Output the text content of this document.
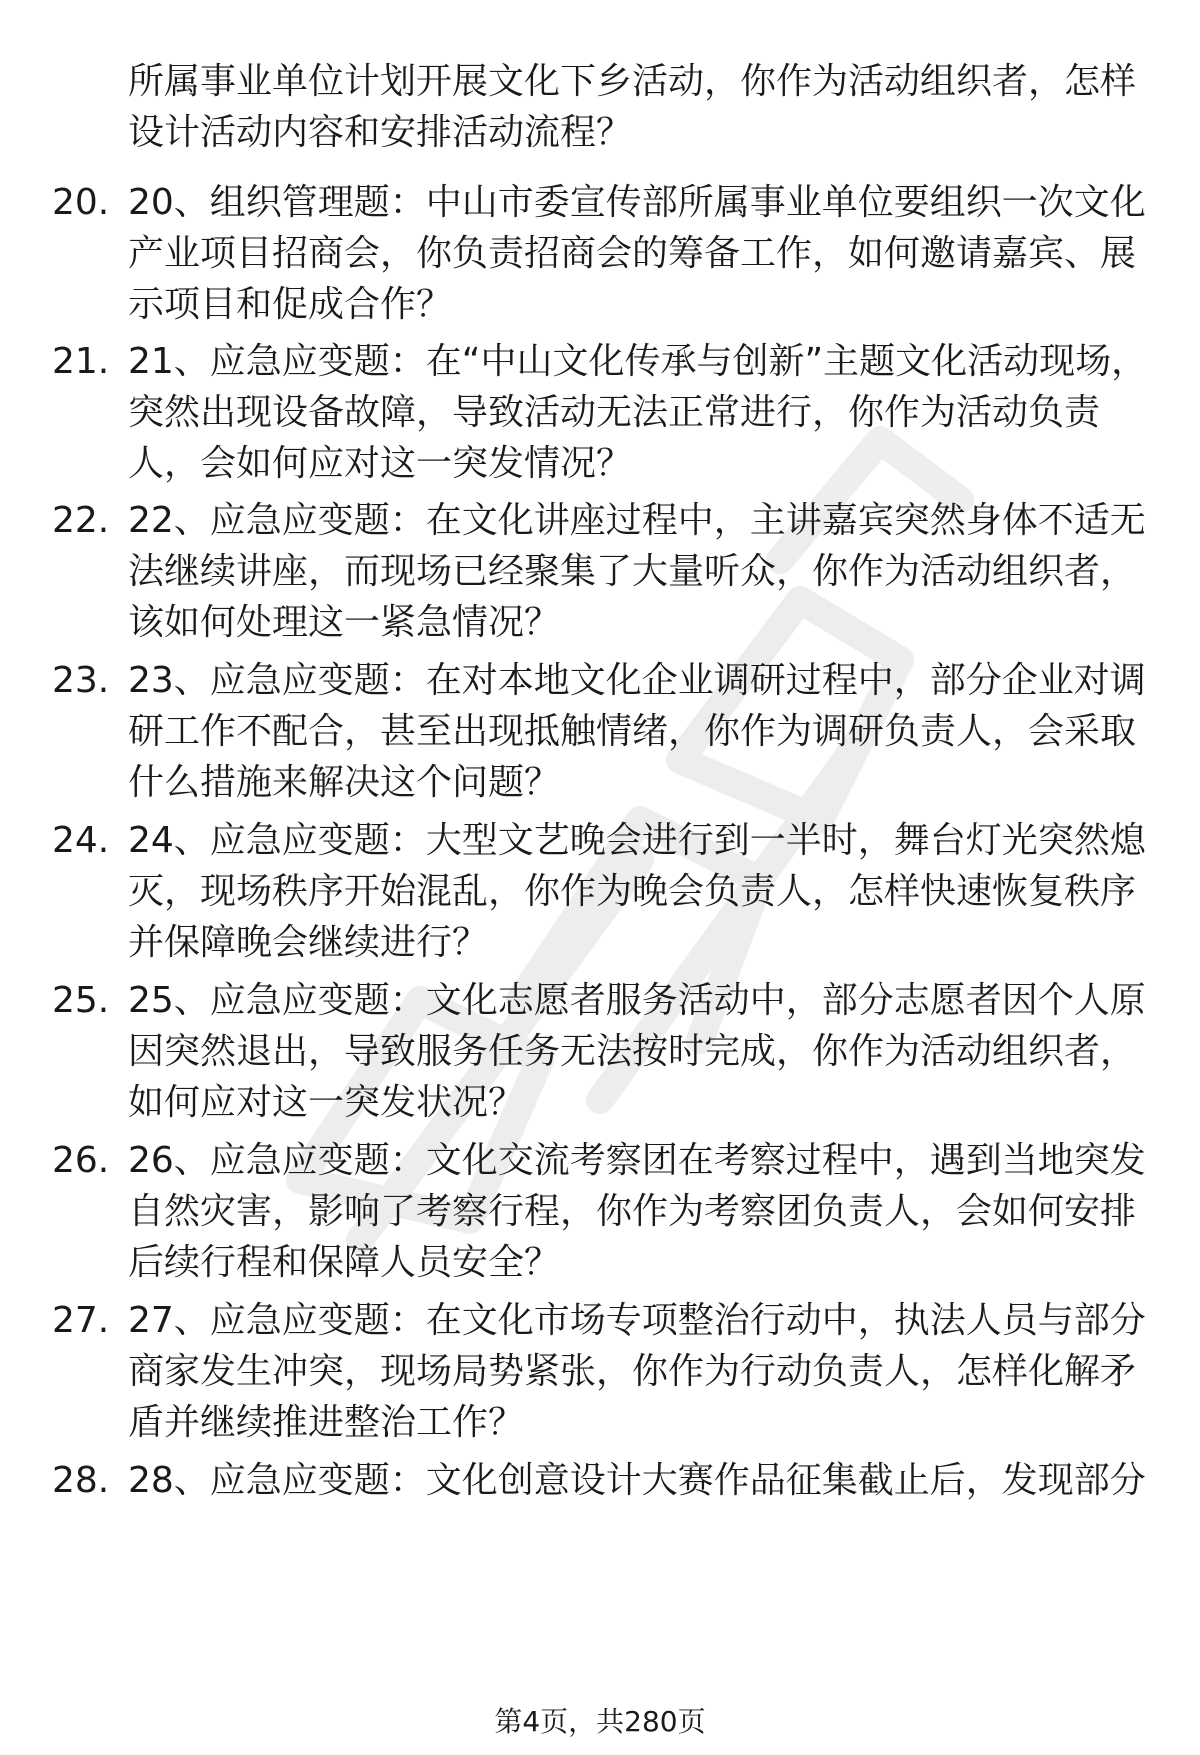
所属事业单位计划开展文化下乡活动，你作为活动组织者，怎样设计活动内容和安排活动流程？
20. 20、组织管理题：中山市委宣传部所属事业单位要组织一次文化产业项目招商会，你负责招商会的筹备工作，如何邀请嘉宾、展示项目和促成合作？
21. 21、应急应变题：在“中山文化传承与创新”主题文化活动现场，突然出现设备故障，导致活动无法正常进行，你作为活动负责人，会如何应对这一突发情况？
22. 22、应急应变题：在文化讲座过程中，主讲嘉宾突然身体不适无法继续讲座，而现场已经聚集了大量听众，你作为活动组织者，该如何处理这一紧急情况？
23. 23、应急应变题：在对本地文化企业调研过程中，部分企业对调研工作不配合，甚至出现抵触情绪，你作为调研负责人，会采取什么措施来解决这个问题？
24. 24、应急应变题：大型文艺晚会进行到一半时，舞台灯光突然熄灭，现场秩序开始混乱，你作为晚会负责人，怎样快速恢复秩序并保障晚会继续进行？
25. 25、应急应变题：文化志愿者服务活动中，部分志愿者因个人原因突然退出，导致服务任务无法按时完成，你作为活动组织者，如何应对这一突发状况？
26. 26、应急应变题：文化交流考察团在考察过程中，遇到当地突发自然灾害，影响了考察行程，你作为考察团负责人，会如何安排后续行程和保障人员安全？
27. 27、应急应变题：在文化市场专项整治行动中，执法人员与部分商家发生冲突，现场局势紧张，你作为行动负责人，怎样化解矛盾并继续推进整治工作？
28. 28、应急应变题：文化创意设计大赛作品征集截止后，发现部分
第4页，共280页
